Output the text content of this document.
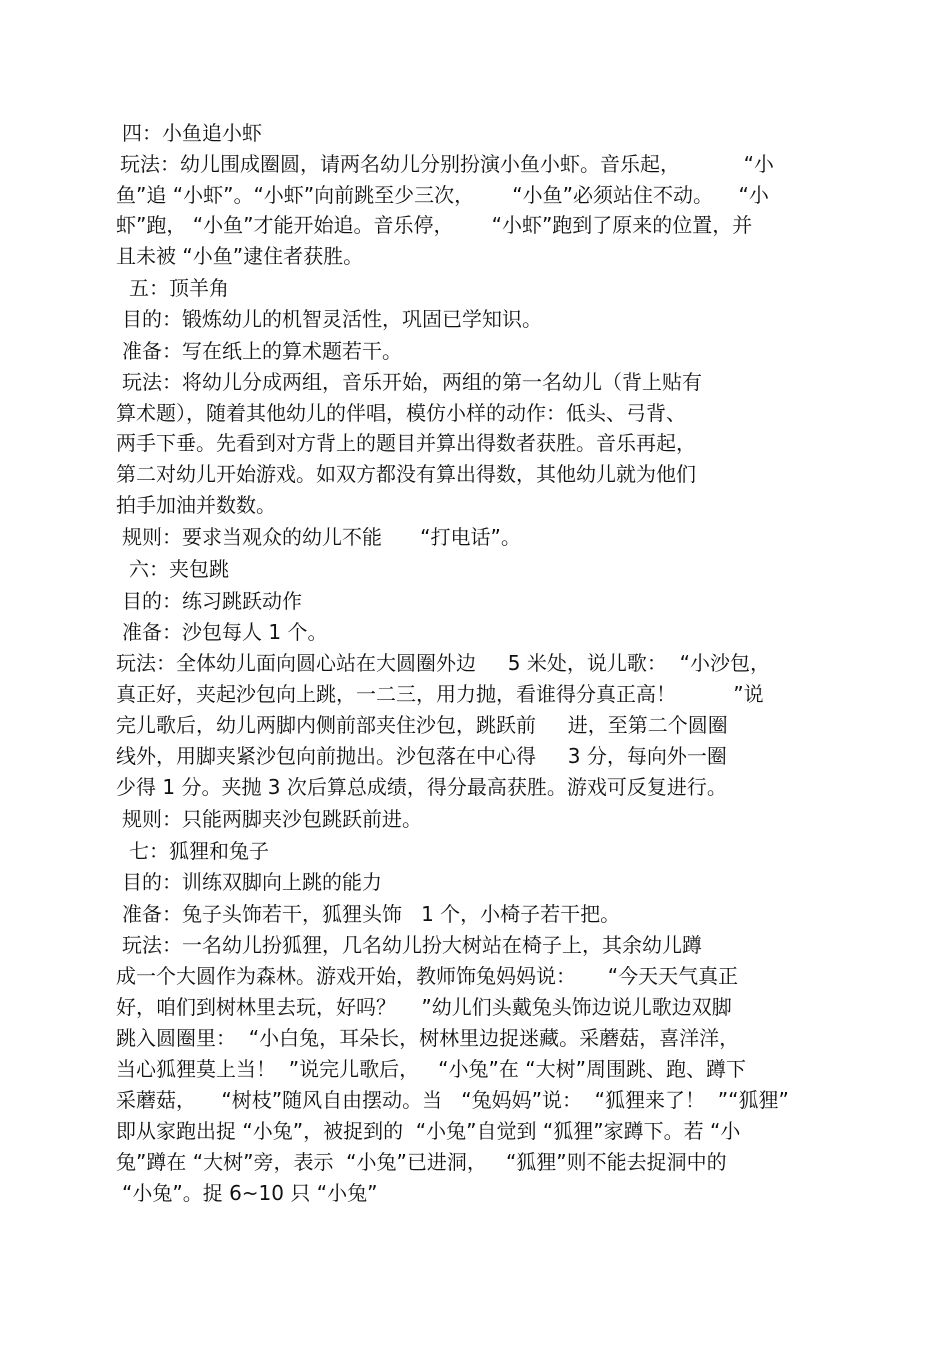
四：小鱼追小虾
玩法：幼儿围成圈圆，请两名幼儿分别扮演小鱼小虾。音乐起，          “小
鱼”追 “小虾”。“小虾”向前跳至少三次，      “小鱼”必须站住不动。    “小
虾”跑， “小鱼”才能开始追。音乐停，      “小虾”跑到了原来的位置，并
且未被 “小鱼”逮住者获胜。
五：顶羊角
目的：锻炼幼儿的机智灵活性，巩固已学知识。
准备：写在纸上的算术题若干。
玩法：将幼儿分成两组，音乐开始，两组的第一名幼儿（背上贴有
算术题），随着其他幼儿的伴唱，模仿小样的动作：低头、弓背、
两手下垂。先看到对方背上的题目并算出得数者获胜。音乐再起，
第二对幼儿开始游戏。如双方都没有算出得数，其他幼儿就为他们
拍手加油并数数。
规则：要求当观众的幼儿不能      “打电话”。
六：夹包跳
目的：练习跳跃动作
准备：沙包每人 1 个。
玩法：全体幼儿面向圆心站在大圆圈外边     5 米处，说儿歌：  “小沙包，
真正好，夹起沙包向上跳，一二三，用力抛，看谁得分真正高！         ”说
完儿歌后，幼儿两脚内侧前部夹住沙包，跳跃前     进，至第二个圆圈
线外，用脚夹紧沙包向前抛出。沙包落在中心得     3 分，每向外一圈
少得 1 分。夹抛 3 次后算总成绩，得分最高获胜。游戏可反复进行。
规则：只能两脚夹沙包跳跃前进。
七：狐狸和兔子
目的：训练双脚向上跳的能力
准备：兔子头饰若干，狐狸头饰   1 个，小椅子若干把。
玩法：一名幼儿扮狐狸，几名幼儿扮大树站在椅子上，其余幼儿蹲
成一个大圆作为森林。游戏开始，教师饰兔妈妈说：     “今天天气真正
好，咱们到树林里去玩，好吗？    ”幼儿们头戴兔头饰边说儿歌边双脚
跳入圆圈里：  “小白兔，耳朵长，树林里边捉迷藏。采蘑菇，喜洋洋，
当心狐狸莫上当！  ”说完儿歌后，   “小兔”在 “大树”周围跳、跑、蹲下
采蘑菇，    “树枝”随风自由摆动。当   “兔妈妈”说：  “狐狸来了！  ”“狐狸”
即从家跑出捉 “小兔”，被捉到的  “小兔”自觉到 “狐狸”家蹲下。若 “小
兔”蹲在 “大树”旁，表示  “小兔”已进洞，   “狐狸”则不能去捉洞中的
“小兔”。捉 6~10 只 “小兔”
